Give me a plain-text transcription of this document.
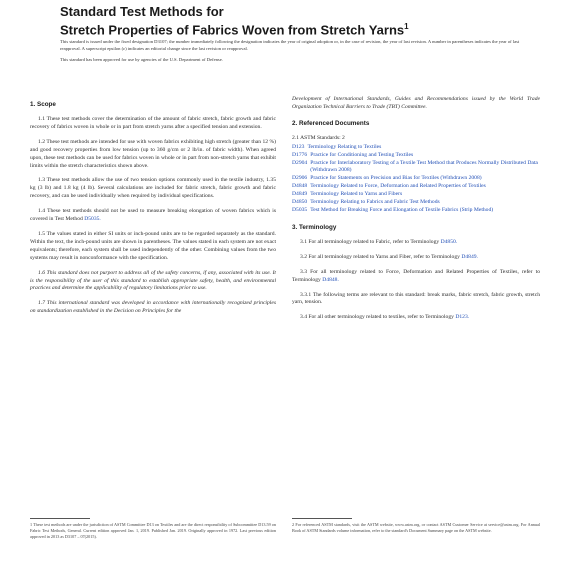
Standard Test Methods for
Stretch Properties of Fabrics Woven from Stretch Yarns$^1$

This standard is issued under the fixed designation D3107; the number immediately following the designation indicates the year of original adoption or, in the case of revision, the year of last revision. A number in parentheses indicates the year of last reapproval. A superscript epsilon (ε) indicates an editorial change since the last revision or reapproval.

This standard has been approved for use by agencies of the U.S. Department of Defense.

1. Scope
1.1 These test methods cover the determination of the amount of fabric stretch, fabric growth and fabric recovery of fabrics woven in whole or in part from stretch yarns after a specified tension and extension.
1.2 These test methods are intended for use with woven fabrics exhibiting high stretch (greater than 12 %) and good recovery properties from low tension (up to 360 g/cm or 2 lb/in. of fabric width). When agreed upon, these test methods can be used for fabrics woven in whole or in part from non-stretch yarns that exhibit limits within the stretch characteristics shown above.
1.3 These test methods allow the use of two tension options commonly used in the textile industry, 1.35 kg (3 lb) and 1.8 kg (4 lb). Several calculations are included for fabric stretch, fabric growth and fabric recovery, and can be used individually when required by individual specifications.
1.4 These test methods should not be used to measure breaking elongation of woven fabrics which is covered in Test Method D5035.
1.5 The values stated in either SI units or inch-pound units are to be regarded separately as the standard. Within the text, the inch-pound units are shown in parentheses. The values stated in each system are not exact equivalents; therefore, each system shall be used independently of the other. Combining values from the two systems may result in nonconformance with the specification.
1.6 This standard does not purport to address all of the safety concerns, if any, associated with its use. It is the responsibility of the user of this standard to establish appropriate safety, health, and environmental practices and determine the applicability of regulatory limitations prior to use.
1.7 This international standard was developed in accordance with internationally recognized principles on standardization established in the Decision on Principles for the
Development of International Standards, Guides and Recommendations issued by the World Trade Organization Technical Barriers to Trade (TBT) Committee.
2. Referenced Documents
2.1 ASTM Standards: 2
D123 Terminology Relating to Textiles
D1776 Practice for Conditioning and Testing Textiles
D2904 Practice for Interlaboratory Testing of a Textile Test Method that Produces Normally Distributed Data (Withdrawn 2008)
D2906 Practice for Statements on Precision and Bias for Textiles (Withdrawn 2008)
D4848 Terminology Related to Force, Deformation and Related Properties of Textiles
D4849 Terminology Related to Yarns and Fibers
D4850 Terminology Relating to Fabrics and Fabric Test Methods
D5035 Test Method for Breaking Force and Elongation of Textile Fabrics (Strip Method)
3. Terminology
3.1 For all terminology related to Fabric, refer to Terminology D4850.
3.2 For all terminology related to Yarns and Fiber, refer to Terminology D4849.
3.3 For all terminology related to Force, Deformation and Related Properties of Textiles, refer to Terminology D4848.
3.3.1 The following terms are relevant to this standard: break marks, fabric stretch, fabric growth, stretch yarn, tension.
3.4 For all other terminology related to textiles, refer to Terminology D123.
1 These test methods are under the jurisdiction of ASTM Committee D13 on Textiles and are the direct responsibility of Subcommittee D13.59 on Fabric Test Methods, General. Current edition approved Jan. 1, 2019. Published Jan. 2019. Originally approved in 1972. Last previous edition approved in 2013 as D3107 – 07(2015).
2 For referenced ASTM standards, visit the ASTM website, www.astm.org, or contact ASTM Customer Service at service@astm.org. For Annual Book of ASTM Standards volume information, refer to the standard's Document Summary page on the ASTM website.
